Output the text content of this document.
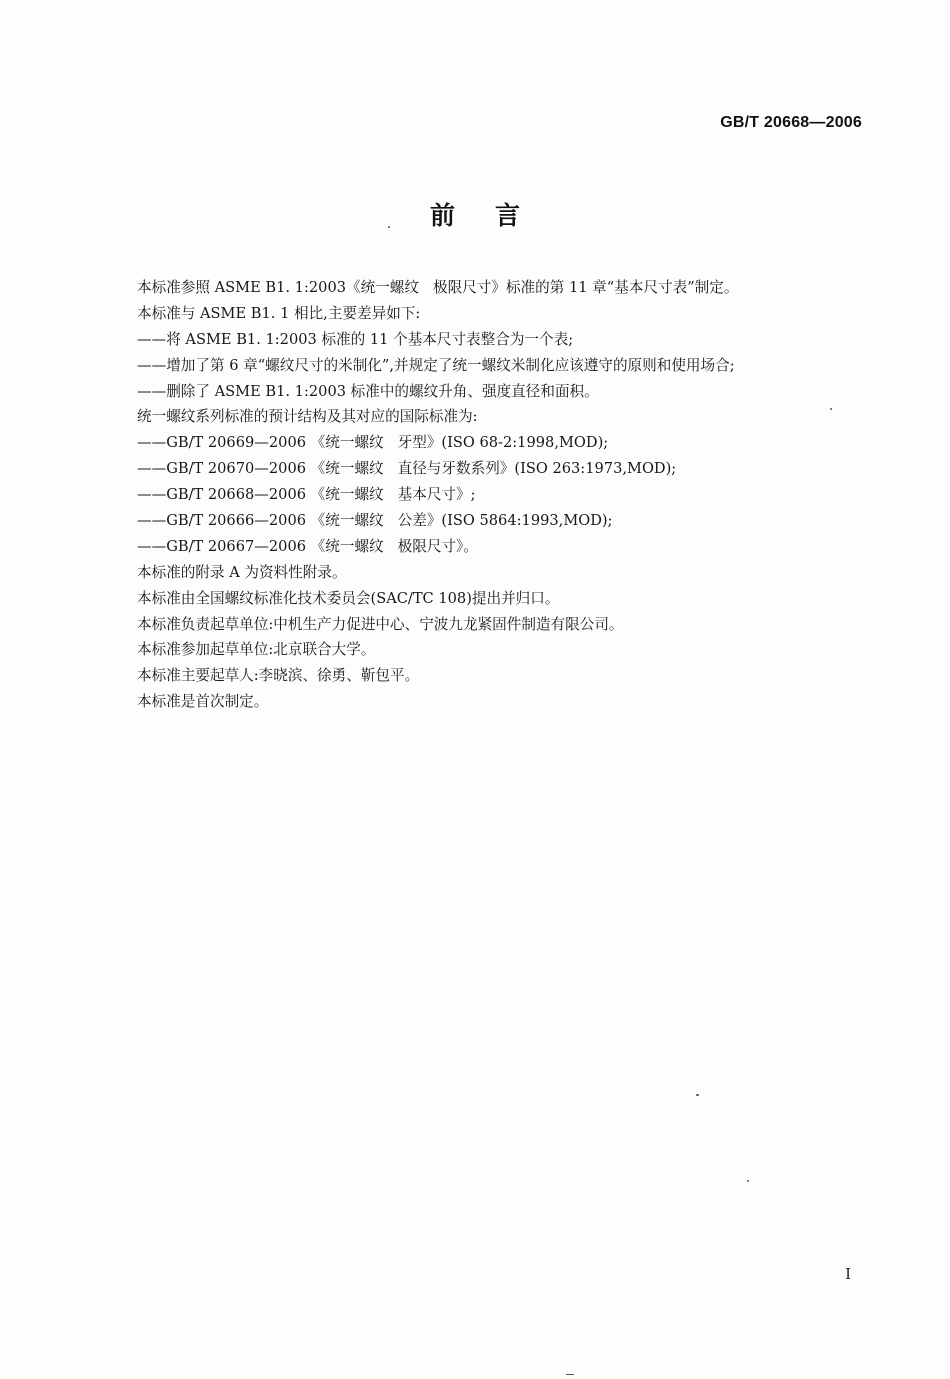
GB/T 20668—2006
前言
本标准参照 ASME B1. 1:2003《统一螺纹 极限尺寸》标准的第 11 章“基本尺寸表”制定。
本标准与 ASME B1. 1 相比,主要差异如下:
——将 ASME B1. 1:2003 标准的 11 个基本尺寸表整合为一个表;
——增加了第 6 章“螺纹尺寸的米制化”,并规定了统一螺纹米制化应该遵守的原则和使用场合;
——删除了 ASME B1. 1:2003 标准中的螺纹升角、强度直径和面积。
统一螺纹系列标准的预计结构及其对应的国际标准为:
——GB/T 20669—2006 《统一螺纹 牙型》(ISO 68-2:1998,MOD);
——GB/T 20670—2006 《统一螺纹 直径与牙数系列》(ISO 263:1973,MOD);
——GB/T 20668—2006 《统一螺纹 基本尺寸》;
——GB/T 20666—2006 《统一螺纹 公差》(ISO 5864:1993,MOD);
——GB/T 20667—2006 《统一螺纹 极限尺寸》。
本标准的附录 A 为资料性附录。
本标准由全国螺纹标准化技术委员会(SAC/TC 108)提出并归口。
本标准负责起草单位:中机生产力促进中心、宁波九龙紧固件制造有限公司。
本标准参加起草单位:北京联合大学。
本标准主要起草人:李晓滨、徐勇、靳包平。
本标准是首次制定。
I
